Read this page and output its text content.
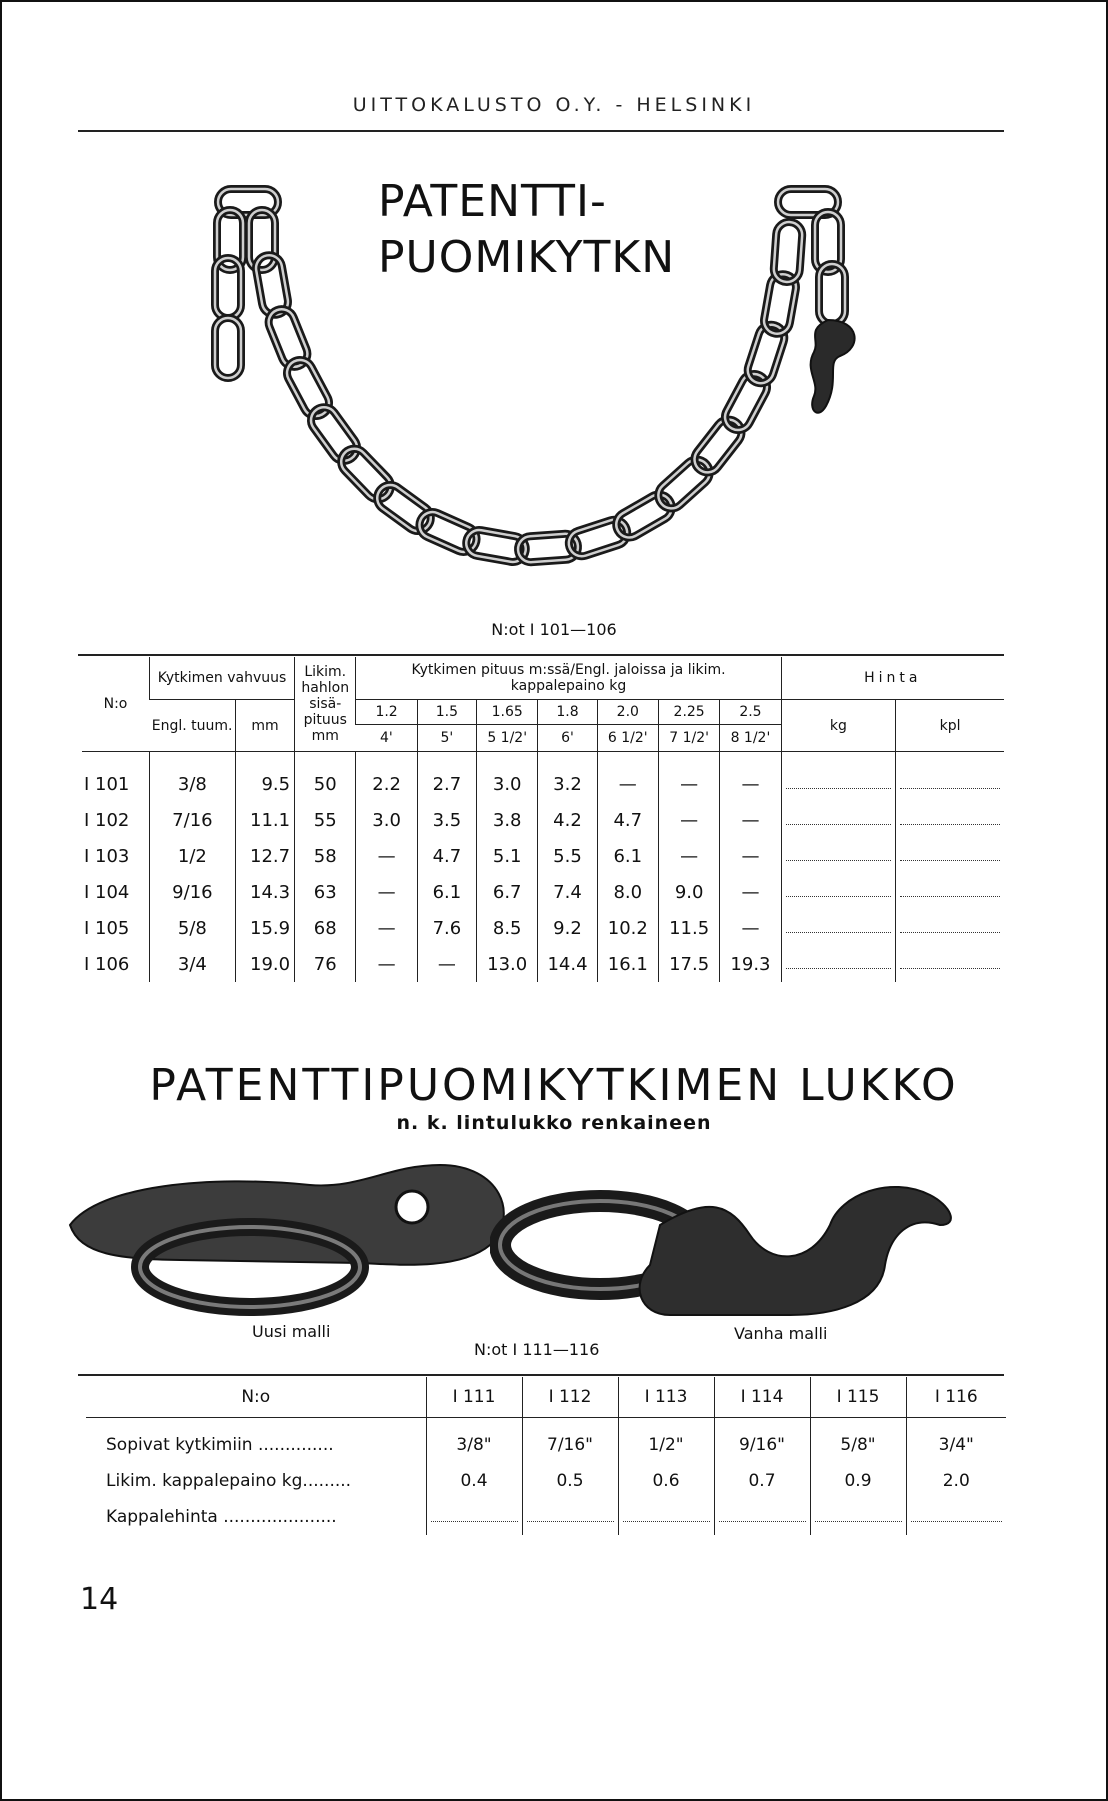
UITTOKALUSTO O.Y. - HELSINKI
PATENTTI-
PUOMIKYTKN
N:ot I 101—106
N:o	Kytkimen vahvuus		Likim. hahlon sisä- pituus mm	Kytkimen pituus m:ssä/Engl. jaloissa ja likim. kappalepaino kg							Hinta	
	Engl. tuum.	mm		1.2	1.5	1.65	1.8	2.0	2.25	2.5	kg	kpl
				4'	5'	5 1/2'	6'	6 1/2'	7 1/2'	8 1/2'		

I 101	3/8	9.5	50	2.2	2.7	3.0	3.2	—	—	—	

I 102	7/16	11.1	55	3.0	3.5	3.8	4.2	4.7	—	—	

I 103	1/2	12.7	58	—	4.7	5.1	5.5	6.1	—	—	

I 104	9/16	14.3	63	—	6.1	6.7	7.4	8.0	9.0	—	

I 105	5/8	15.9	68	—	7.6	8.5	9.2	10.2	11.5	—	

I 106	3/4	19.0	76	—	—	13.0	14.4	16.1	17.5	19.3	

PATENTTIPUOMIKYTKIMEN LUKKO
n. k. lintulukko renkaineen
Uusi malli	Vanha malli
N:ot I 111—116
N:o	I 111	I 112	I 113	I 114	I 115	I 116
Sopivat kytkimiin ..............	3/8"	7/16"	1/2"	9/16"	5/8"	3/4"
Likim. kappalepaino kg.........	0.4	0.5	0.6	0.7	0.9	2.0
Kappalehinta .....................	

14
